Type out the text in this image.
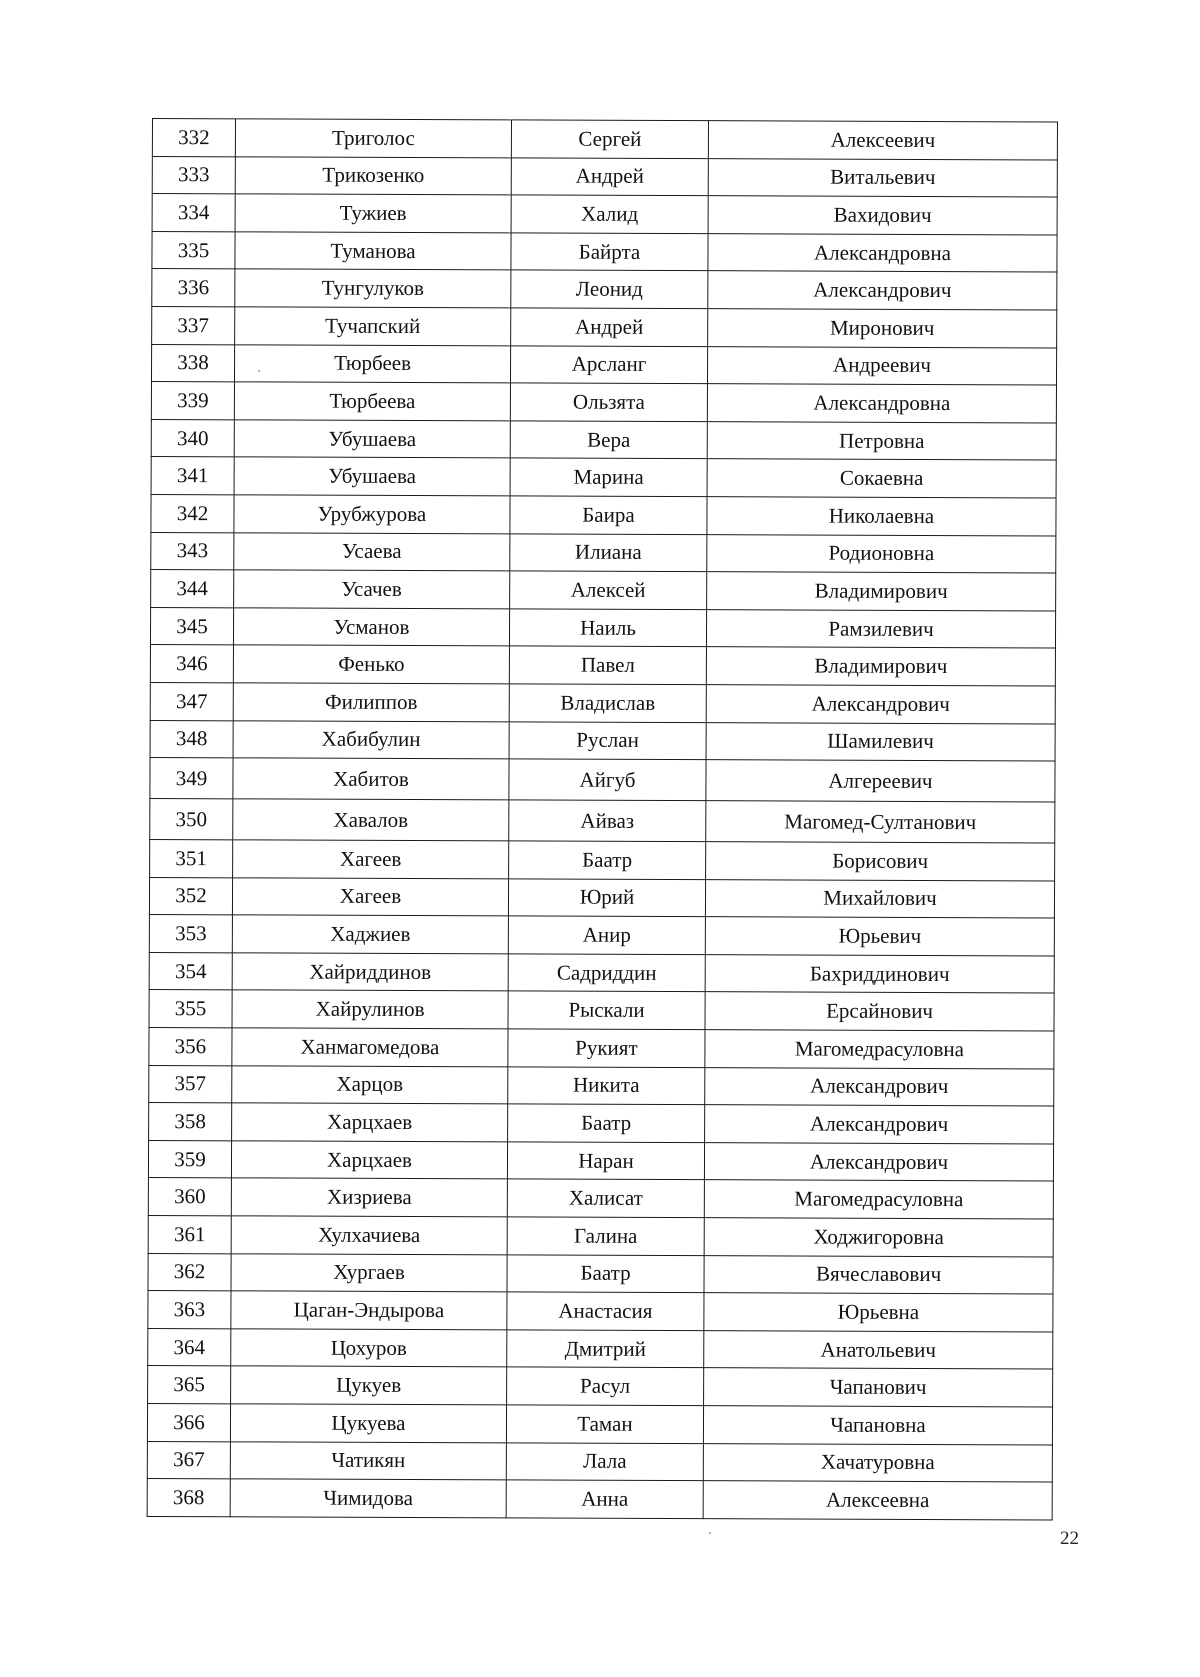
332	Триголос	Сергей	Алексеевич
333	Трикозенко	Андрей	Витальевич
334	Тужиев	Халид	Вахидович
335	Туманова	Байрта	Александровна
336	Тунгулуков	Леонид	Александрович
337	Тучапский	Андрей	Миронович
338	Тюрбеев	Арсланг	Андреевич
339	Тюрбеева	Ользята	Александровна
340	Убушаева	Вера	Петровна
341	Убушаева	Марина	Сокаевна
342	Урубжурова	Баира	Николаевна
343	Усаева	Илиана	Родионовна
344	Усачев	Алексей	Владимирович
345	Усманов	Наиль	Рамзилевич
346	Фенько	Павел	Владимирович
347	Филиппов	Владислав	Александрович
348	Хабибулин	Руслан	Шамилевич
349	Хабитов	Айгуб	Алгереевич
350	Хавалов	Айваз	Магомед-Султанович
351	Хагеев	Баатр	Борисович
352	Хагеев	Юрий	Михайлович
353	Хаджиев	Анир	Юрьевич
354	Хайриддинов	Садриддин	Бахриддинович
355	Хайрулинов	Рыскали	Ерсайнович
356	Ханмагомедова	Рукият	Магомедрасуловна
357	Харцов	Никита	Александрович
358	Харцхаев	Баатр	Александрович
359	Харцхаев	Наран	Александрович
360	Хизриева	Халисат	Магомедрасуловна
361	Хулхачиева	Галина	Ходжигоровна
362	Хургаев	Баатр	Вячеславович
363	Цаган-Эндырова	Анастасия	Юрьевна
364	Цохуров	Дмитрий	Анатольевич
365	Цукуев	Расул	Чапанович
366	Цукуева	Таман	Чапановна
367	Чатикян	Лала	Хачатуровна
368	Чимидова	Анна	Алексеевна
22
